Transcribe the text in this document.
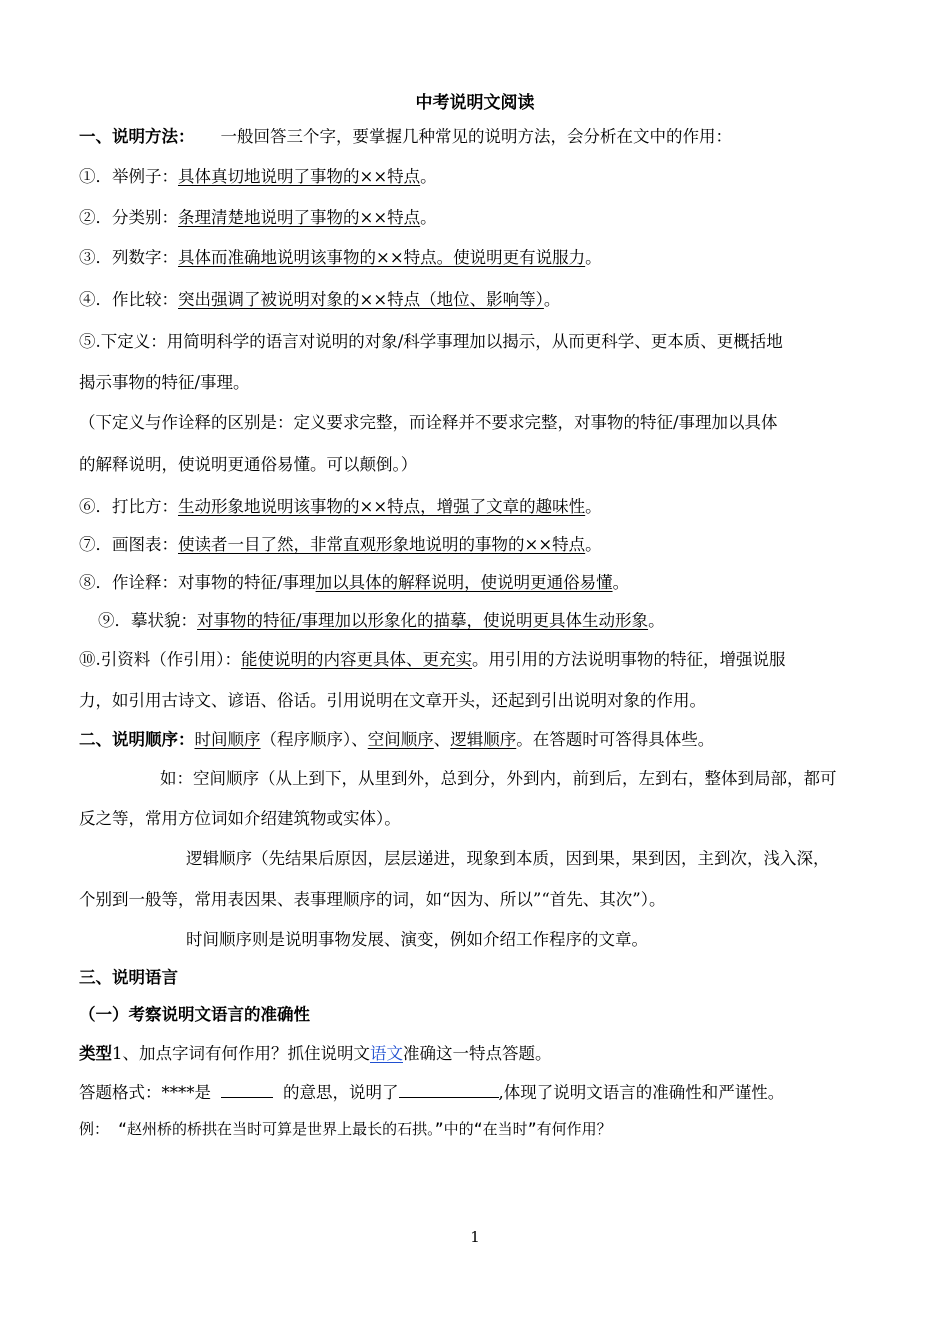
中考说明文阅读
一、说明方法： 一般回答三个字，要掌握几种常见的说明方法，会分析在文中的作用：
①．举例子：具体真切地说明了事物的××特点。
②．分类别：条理清楚地说明了事物的××特点。
③．列数字：具体而准确地说明该事物的××特点。使说明更有说服力。
④．作比较：突出强调了被说明对象的××特点（地位、影响等）。
⑤.下定义：用简明科学的语言对说明的对象/科学事理加以揭示，从而更科学、更本质、更概括地
揭示事物的特征/事理。
（下定义与作诠释的区别是：定义要求完整，而诠释并不要求完整，对事物的特征/事理加以具体
的解释说明，使说明更通俗易懂。可以颠倒。）
⑥．打比方：生动形象地说明该事物的××特点，增强了文章的趣味性。
⑦．画图表：使读者一目了然，非常直观形象地说明的事物的××特点。
⑧．作诠释：对事物的特征/事理加以具体的解释说明，使说明更通俗易懂。
⑨．摹状貌：对事物的特征/事理加以形象化的描摹，使说明更具体生动形象。
⑩.引资料（作引用）：能使说明的内容更具体、更充实。用引用的方法说明事物的特征，增强说服
力，如引用古诗文、谚语、俗话。引用说明在文章开头，还起到引出说明对象的作用。
二、说明顺序：时间顺序（程序顺序）、空间顺序、逻辑顺序。在答题时可答得具体些。
如：空间顺序（从上到下，从里到外，总到分，外到内，前到后，左到右，整体到局部，都可
反之等，常用方位词如介绍建筑物或实体）。
逻辑顺序（先结果后原因，层层递进，现象到本质，因到果，果到因，主到次，浅入深，
个别到一般等，常用表因果、表事理顺序的词，如“因为、所以”“首先、其次”）。
时间顺序则是说明事物发展、演变，例如介绍工作程序的文章。
三、说明语言
（一）考察说明文语言的准确性
类型1、加点字词有何作用？抓住说明文语文准确这一特点答题。
答题格式：****是	的意思，说明了	,体现了说明文语言的准确性和严谨性。
例： “赵州桥的桥拱在当时可算是世界上最长的石拱。”中的“在当时”有何作用？
1
